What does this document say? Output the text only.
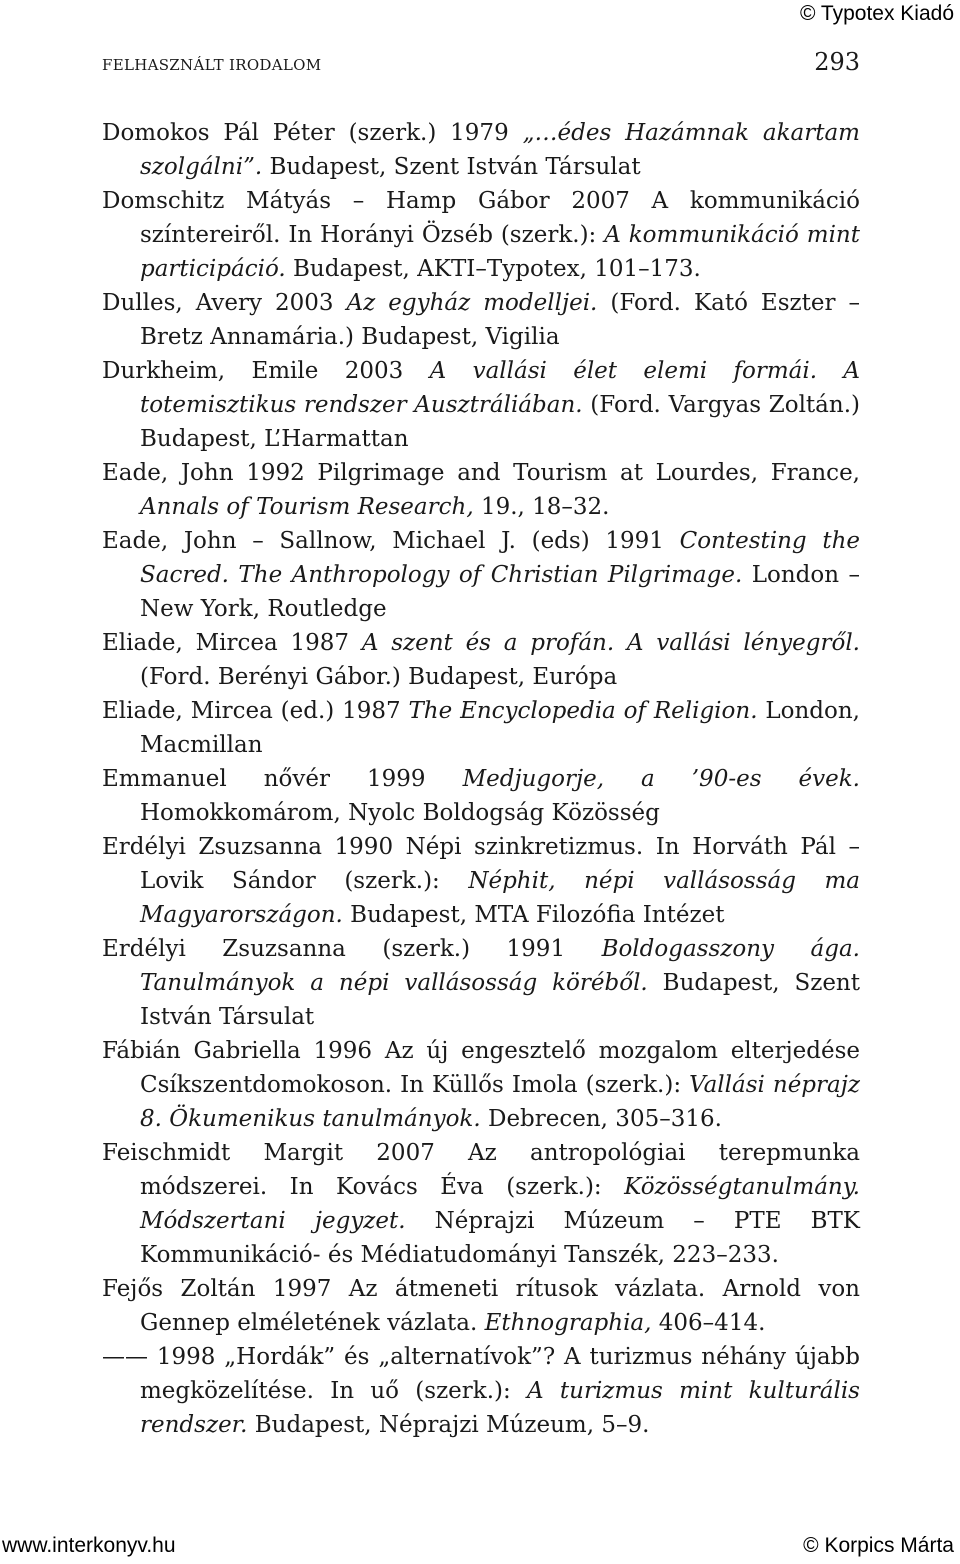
© Typotex Kiadó
FELHASZNÁLT IRODALOM	293

Domokos Pál Péter (szerk.) 1979 „…édes Hazámnak akartam szolgálni”. Budapest, Szent István Társulat

Domschitz Mátyás – Hamp Gábor 2007 A kommunikáció színtereiről. In Horányi Özséb (szerk.): A kommunikáció mint participáció. Budapest, AKTI–Typotex, 101–173.

Dulles, Avery 2003 Az egyház modelljei. (Ford. Kató Eszter – Bretz Annamária.) Budapest, Vigilia

Durkheim, Emile 2003 A vallási élet elemi formái. A totemisztikus rendszer Ausztráliában. (Ford. Vargyas Zoltán.) Budapest, L’Harmattan

Eade, John 1992 Pilgrimage and Tourism at Lourdes, France, Annals of Tourism Research, 19., 18–32.

Eade, John – Sallnow, Michael J. (eds) 1991 Contesting the Sacred. The Anthropology of Christian Pilgrimage. London – New York, Routledge

Eliade, Mircea 1987 A szent és a profán. A vallási lényegről. (Ford. Berényi Gábor.) Budapest, Európa

Eliade, Mircea (ed.) 1987 The Encyclopedia of Religion. London, Macmillan

Emmanuel nővér 1999 Medjugorje, a ’90-es évek. Homokkomárom, Nyolc Boldogság Közösség

Erdélyi Zsuzsanna 1990 Népi szinkretizmus. In Horváth Pál – Lovik Sándor (szerk.): Néphit, népi vallásosság ma Magyarországon. Budapest, MTA Filozófia Intézet

Erdélyi Zsuzsanna (szerk.) 1991 Boldogasszony ága. Tanulmányok a népi vallásosság köréből. Budapest, Szent István Társulat

Fábián Gabriella 1996 Az új engesztelő mozgalom elterjedése Csíkszentdomokoson. In Küllős Imola (szerk.): Vallási néprajz 8. Ökumenikus tanulmányok. Debrecen, 305–316.

Feischmidt Margit 2007 Az antropológiai terepmunka módszerei. In Kovács Éva (szerk.): Közösségtanulmány. Módszertani jegyzet. Néprajzi Múzeum – PTE BTK Kommunikáció- és Médiatudományi Tanszék, 223–233.

Fejős Zoltán 1997 Az átmeneti rítusok vázlata. Arnold von Gennep elméletének vázlata. Ethnographia, 406–414.

—— 1998 „Hordák” és „alternatívok”? A turizmus néhány újabb megközelítése. In uő (szerk.): A turizmus mint kulturális rendszer. Budapest, Néprajzi Múzeum, 5–9.

www.interkonyv.hu	© Korpics Márta
